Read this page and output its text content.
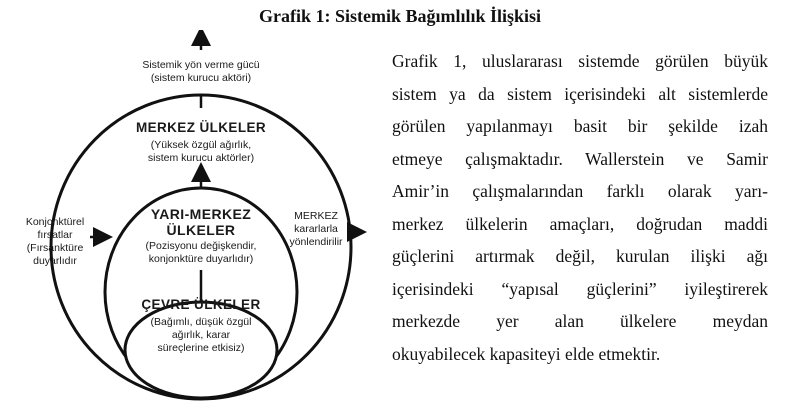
Grafik 1: Sistemik Bağımlılık İlişkisi
Sistemik yön verme gücü
(sistem kurucu aktöri)
MERKEZ ÜLKELER
(Yüksek özgül ağırlık,
sistem kurucu aktörler)
YARI-MERKEZ
ÜLKELER
(Pozisyonu değişkendir,
konjonktüre duyarlıdır)
ÇEVRE ÜLKELER
(Bağımlı, düşük özgül
ağırlık, karar
süreçlerine etkisiz)
Konjonktürel
fırsatlar
(Fırsanktüre
duyarlıdır
MERKEZ
kararlarla
yönlendirilir
Grafik 1, uluslararası sistemde görülen büyük
sistem ya da sistem içerisindeki alt sistemlerde
görülen yapılanmayı basit bir şekilde izah
etmeye çalışmaktadır. Wallerstein ve Samir
Amir’in çalışmalarından farklı olarak yarı-
merkez ülkelerin amaçları, doğrudan maddi
güçlerini artırmak değil, kurulan ilişki ağı
içerisindeki “yapısal güçlerini” iyileştirerek
merkezde yer alan ülkelere meydan
okuyabilecek kapasiteyi elde etmektir.
